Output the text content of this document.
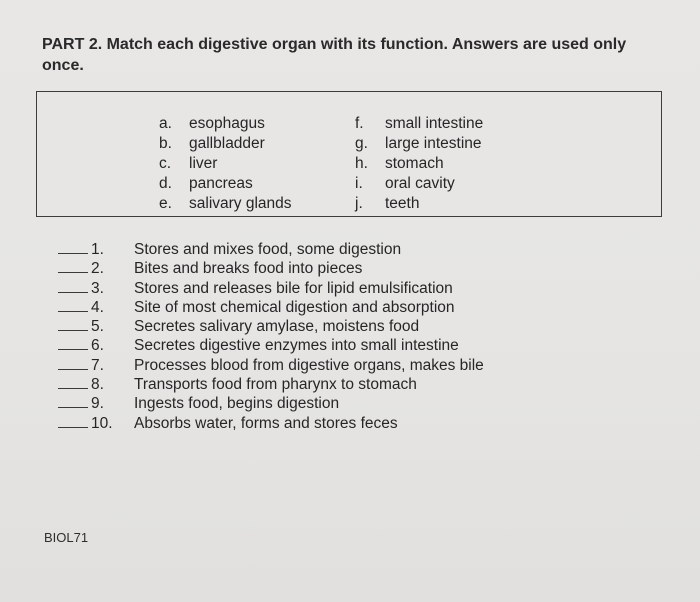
PART 2. Match each digestive organ with its function. Answers are used only once.
a.	esophagus
b.	gallbladder
c.	liver
d.	pancreas
e.	salivary glands
f.	small intestine
g.	large intestine
h.	stomach
i.	oral cavity
j.	teeth
1.	Stores and mixes food, some digestion
2.	Bites and breaks food into pieces
3.	Stores and releases bile for lipid emulsification
4.	Site of most chemical digestion and absorption
5.	Secretes salivary amylase, moistens food
6.	Secretes digestive enzymes into small intestine
7.	Processes blood from digestive organs, makes bile
8.	Transports food from pharynx to stomach
9.	Ingests food, begins digestion
10.	Absorbs water, forms and stores feces
BIOL71
